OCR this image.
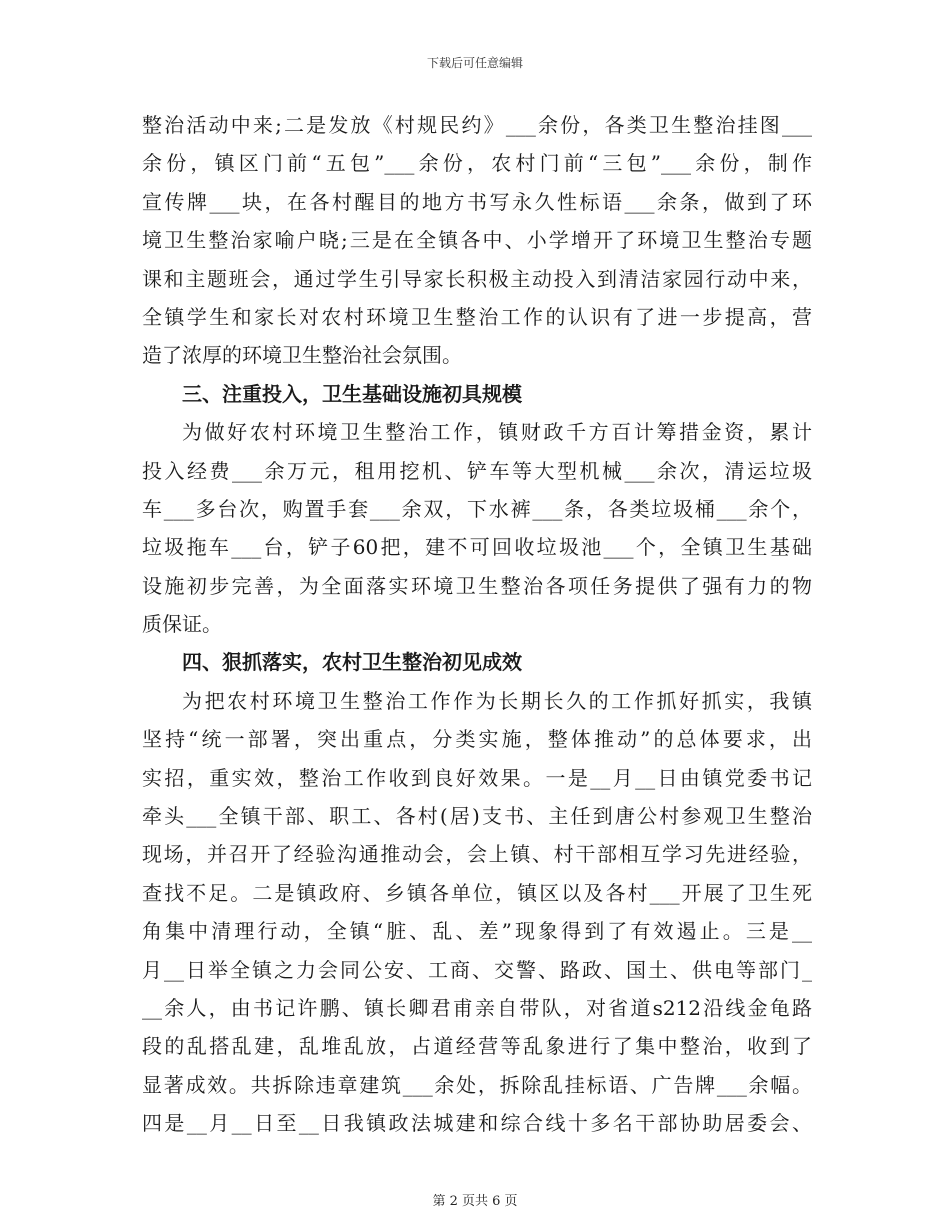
下载后可任意编辑
整治活动中来;二是发放《村规民约》___余份，各类卫生整治挂图___
余份，镇区门前“五包”___余份，农村门前“三包”___余份，制作
宣传牌___块，在各村醒目的地方书写永久性标语___余条，做到了环
境卫生整治家喻户晓;三是在全镇各中、小学增开了环境卫生整治专题
课和主题班会，通过学生引导家长积极主动投入到清洁家园行动中来，
全镇学生和家长对农村环境卫生整治工作的认识有了进一步提高，营
造了浓厚的环境卫生整治社会氛围。
三、注重投入，卫生基础设施初具规模
为做好农村环境卫生整治工作，镇财政千方百计筹措金资，累计
投入经费___余万元，租用挖机、铲车等大型机械___余次，清运垃圾
车___多台次，购置手套___余双，下水裤___条，各类垃圾桶___余个，
垃圾拖车___台，铲子60把，建不可回收垃圾池___个，全镇卫生基础
设施初步完善，为全面落实环境卫生整治各项任务提供了强有力的物
质保证。
四、狠抓落实，农村卫生整治初见成效
为把农村环境卫生整治工作作为长期长久的工作抓好抓实，我镇
坚持“统一部署，突出重点，分类实施，整体推动”的总体要求，出
实招，重实效，整治工作收到良好效果。一是__月__日由镇党委书记
牵头___全镇干部、职工、各村(居)支书、主任到唐公村参观卫生整治
现场，并召开了经验沟通推动会，会上镇、村干部相互学习先进经验，
查找不足。二是镇政府、乡镇各单位，镇区以及各村___开展了卫生死
角集中清理行动，全镇“脏、乱、差”现象得到了有效遏止。三是__
月__日举全镇之力会同公安、工商、交警、路政、国土、供电等部门_
__余人，由书记许鹏、镇长卿君甫亲自带队，对省道s212沿线金龟路
段的乱搭乱建，乱堆乱放，占道经营等乱象进行了集中整治，收到了
显著成效。共拆除违章建筑___余处，拆除乱挂标语、广告牌___余幅。
四是__月__日至__日我镇政法城建和综合线十多名干部协助居委会、
第 2 页共 6 页
